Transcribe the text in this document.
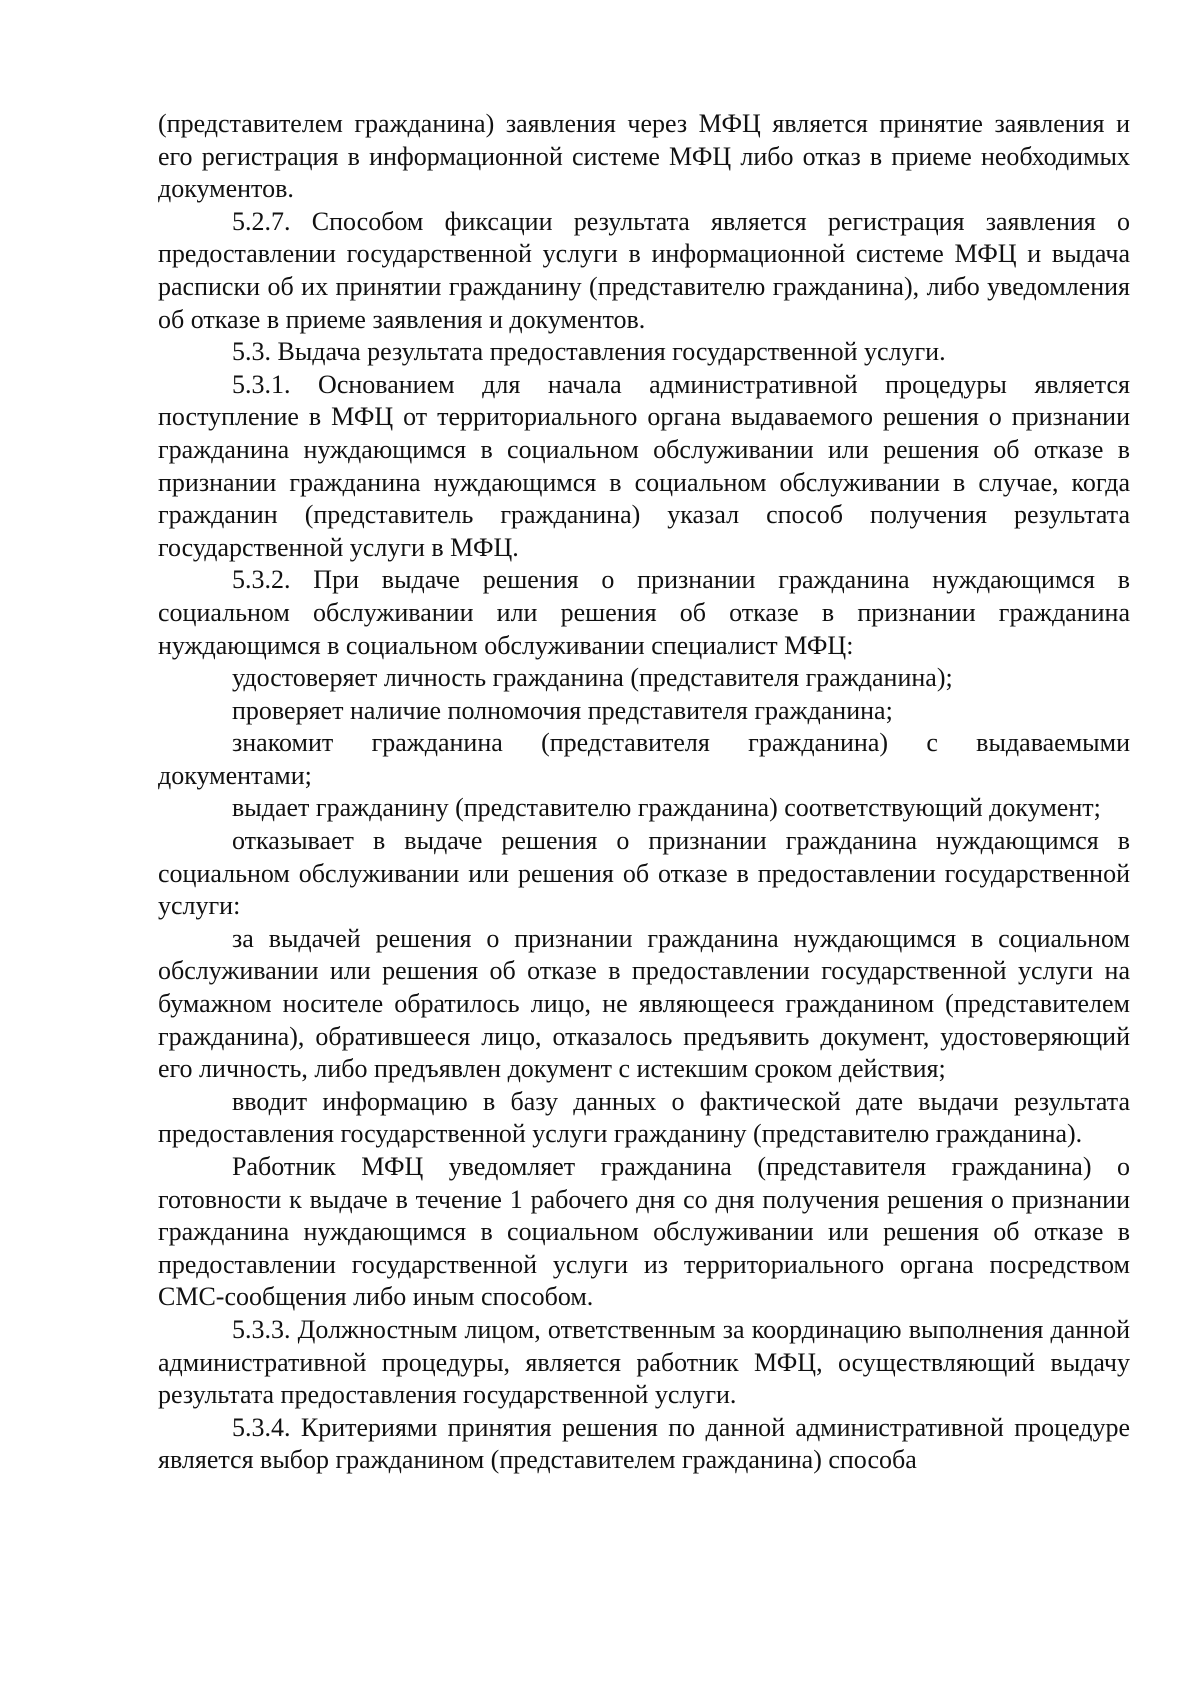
(представителем гражданина) заявления через МФЦ является принятие заявления и его регистрация в информационной системе МФЦ либо отказ в приеме необходимых документов.

5.2.7. Способом фиксации результата является регистрация заявления о предоставлении государственной услуги в информационной системе МФЦ и выдача расписки об их принятии гражданину (представителю гражданина), либо уведомления об отказе в приеме заявления и документов.

5.3. Выдача результата предоставления государственной услуги.

5.3.1. Основанием для начала административной процедуры является поступление в МФЦ от территориального органа выдаваемого решения о признании гражданина нуждающимся в социальном обслуживании или решения об отказе в признании гражданина нуждающимся в социальном обслуживании в случае, когда гражданин (представитель гражданина) указал способ получения результата государственной услуги в МФЦ.

5.3.2. При выдаче решения о признании гражданина нуждающимся в социальном обслуживании или решения об отказе в признании гражданина нуждающимся в социальном обслуживании специалист МФЦ:

удостоверяет личность гражданина (представителя гражданина);

проверяет наличие полномочия представителя гражданина;

знакомит гражданина (представителя гражданина) с выдаваемыми документами;

выдает гражданину (представителю гражданина) соответствующий документ;

отказывает в выдаче решения о признании гражданина нуждающимся в социальном обслуживании или решения об отказе в предоставлении государственной услуги:

за выдачей решения о признании гражданина нуждающимся в социальном обслуживании или решения об отказе в предоставлении государственной услуги на бумажном носителе обратилось лицо, не являющееся гражданином (представителем гражданина), обратившееся лицо, отказалось предъявить документ, удостоверяющий его личность, либо предъявлен документ с истекшим сроком действия;

вводит информацию в базу данных о фактической дате выдачи результата предоставления государственной услуги гражданину (представителю гражданина).

Работник МФЦ уведомляет гражданина (представителя гражданина) о готовности к выдаче в течение 1 рабочего дня со дня получения решения о признании гражданина нуждающимся в социальном обслуживании или решения об отказе в предоставлении государственной услуги из территориального органа посредством СМС-сообщения либо иным способом.

5.3.3. Должностным лицом, ответственным за координацию выполнения данной административной процедуры, является работник МФЦ, осуществляющий выдачу результата предоставления государственной услуги.

5.3.4. Критериями принятия решения по данной административной процедуре является выбор гражданином (представителем гражданина) способа
